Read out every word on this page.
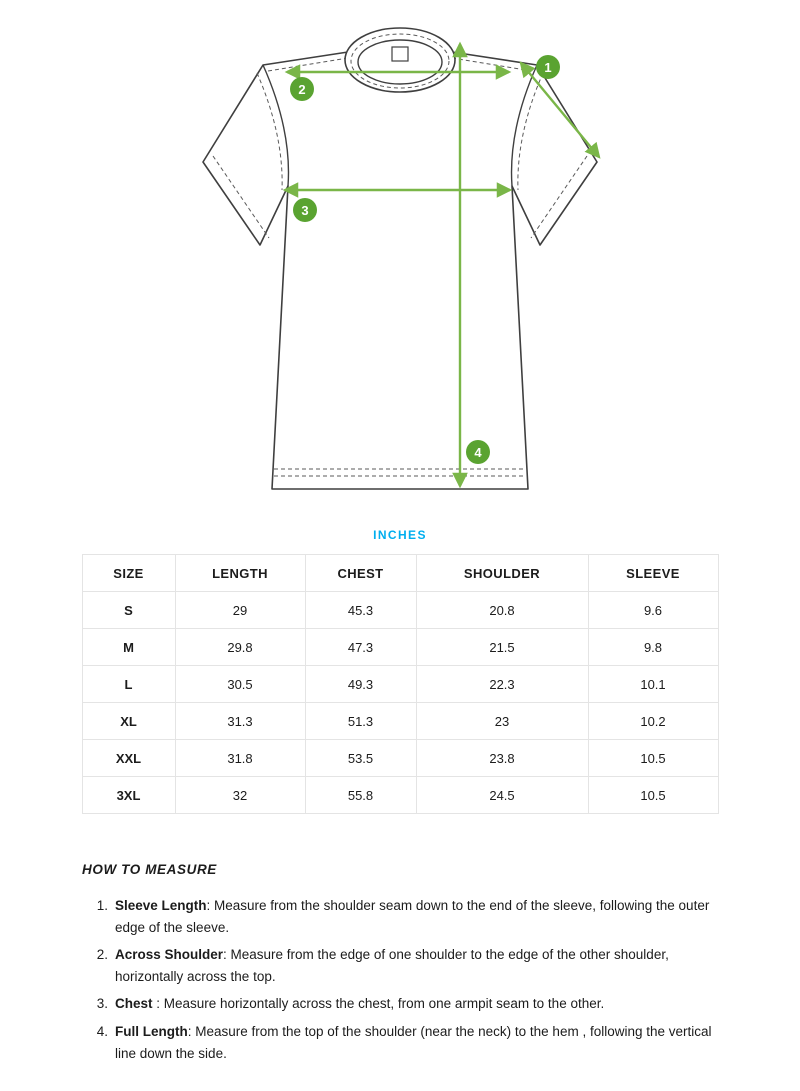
1
2
3
4
INCHES
SIZE	LENGTH	CHEST	SHOULDER	SLEEVE
S	29	45.3	20.8	9.6
M	29.8	47.3	21.5	9.8
L	30.5	49.3	22.3	10.1
XL	31.3	51.3	23	10.2
XXL	31.8	53.5	23.8	10.5
3XL	32	55.8	24.5	10.5
HOW TO MEASURE
1. Sleeve Length: Measure from the shoulder seam down to the end of the sleeve, following the outer edge of the sleeve.
2. Across Shoulder: Measure from the edge of one shoulder to the edge of the other shoulder, horizontally across the top.
3. Chest : Measure horizontally across the chest, from one armpit seam to the other.
4. Full Length: Measure from the top of the shoulder (near the neck) to the hem , following the vertical line down the side.
